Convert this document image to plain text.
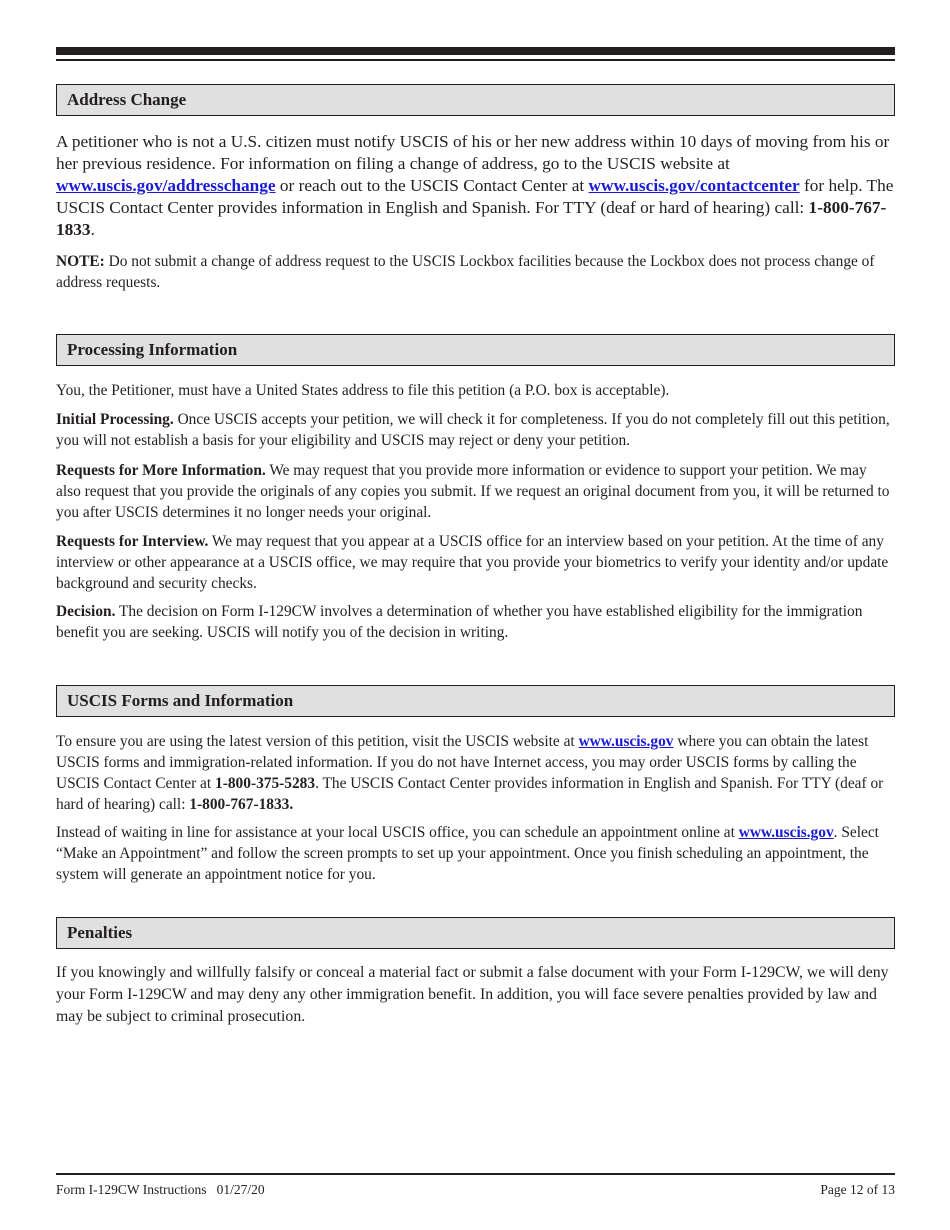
Address Change

A petitioner who is not a U.S. citizen must notify USCIS of his or her new address within 10 days of moving from his or her previous residence. For information on filing a change of address, go to the USCIS website at www.uscis.gov/addresschange or reach out to the USCIS Contact Center at www.uscis.gov/contactcenter for help. The USCIS Contact Center provides information in English and Spanish. For TTY (deaf or hard of hearing) call: 1-800-767-1833.

NOTE: Do not submit a change of address request to the USCIS Lockbox facilities because the Lockbox does not process change of address requests.

Processing Information

You, the Petitioner, must have a United States address to file this petition (a P.O. box is acceptable).

Initial Processing. Once USCIS accepts your petition, we will check it for completeness. If you do not completely fill out this petition, you will not establish a basis for your eligibility and USCIS may reject or deny your petition.

Requests for More Information. We may request that you provide more information or evidence to support your petition. We may also request that you provide the originals of any copies you submit. If we request an original document from you, it will be returned to you after USCIS determines it no longer needs your original.

Requests for Interview. We may request that you appear at a USCIS office for an interview based on your petition. At the time of any interview or other appearance at a USCIS office, we may require that you provide your biometrics to verify your identity and/or update background and security checks.

Decision. The decision on Form I-129CW involves a determination of whether you have established eligibility for the immigration benefit you are seeking. USCIS will notify you of the decision in writing.

USCIS Forms and Information

To ensure you are using the latest version of this petition, visit the USCIS website at www.uscis.gov where you can obtain the latest USCIS forms and immigration-related information. If you do not have Internet access, you may order USCIS forms by calling the USCIS Contact Center at 1-800-375-5283. The USCIS Contact Center provides information in English and Spanish. For TTY (deaf or hard of hearing) call: 1-800-767-1833.

Instead of waiting in line for assistance at your local USCIS office, you can schedule an appointment online at www.uscis.gov. Select “Make an Appointment” and follow the screen prompts to set up your appointment. Once you finish scheduling an appointment, the system will generate an appointment notice for you.

Penalties

If you knowingly and willfully falsify or conceal a material fact or submit a false document with your Form I-129CW, we will deny your Form I-129CW and may deny any other immigration benefit. In addition, you will face severe penalties provided by law and may be subject to criminal prosecution.

Form I-129CW Instructions   01/27/20	Page 12 of 13
